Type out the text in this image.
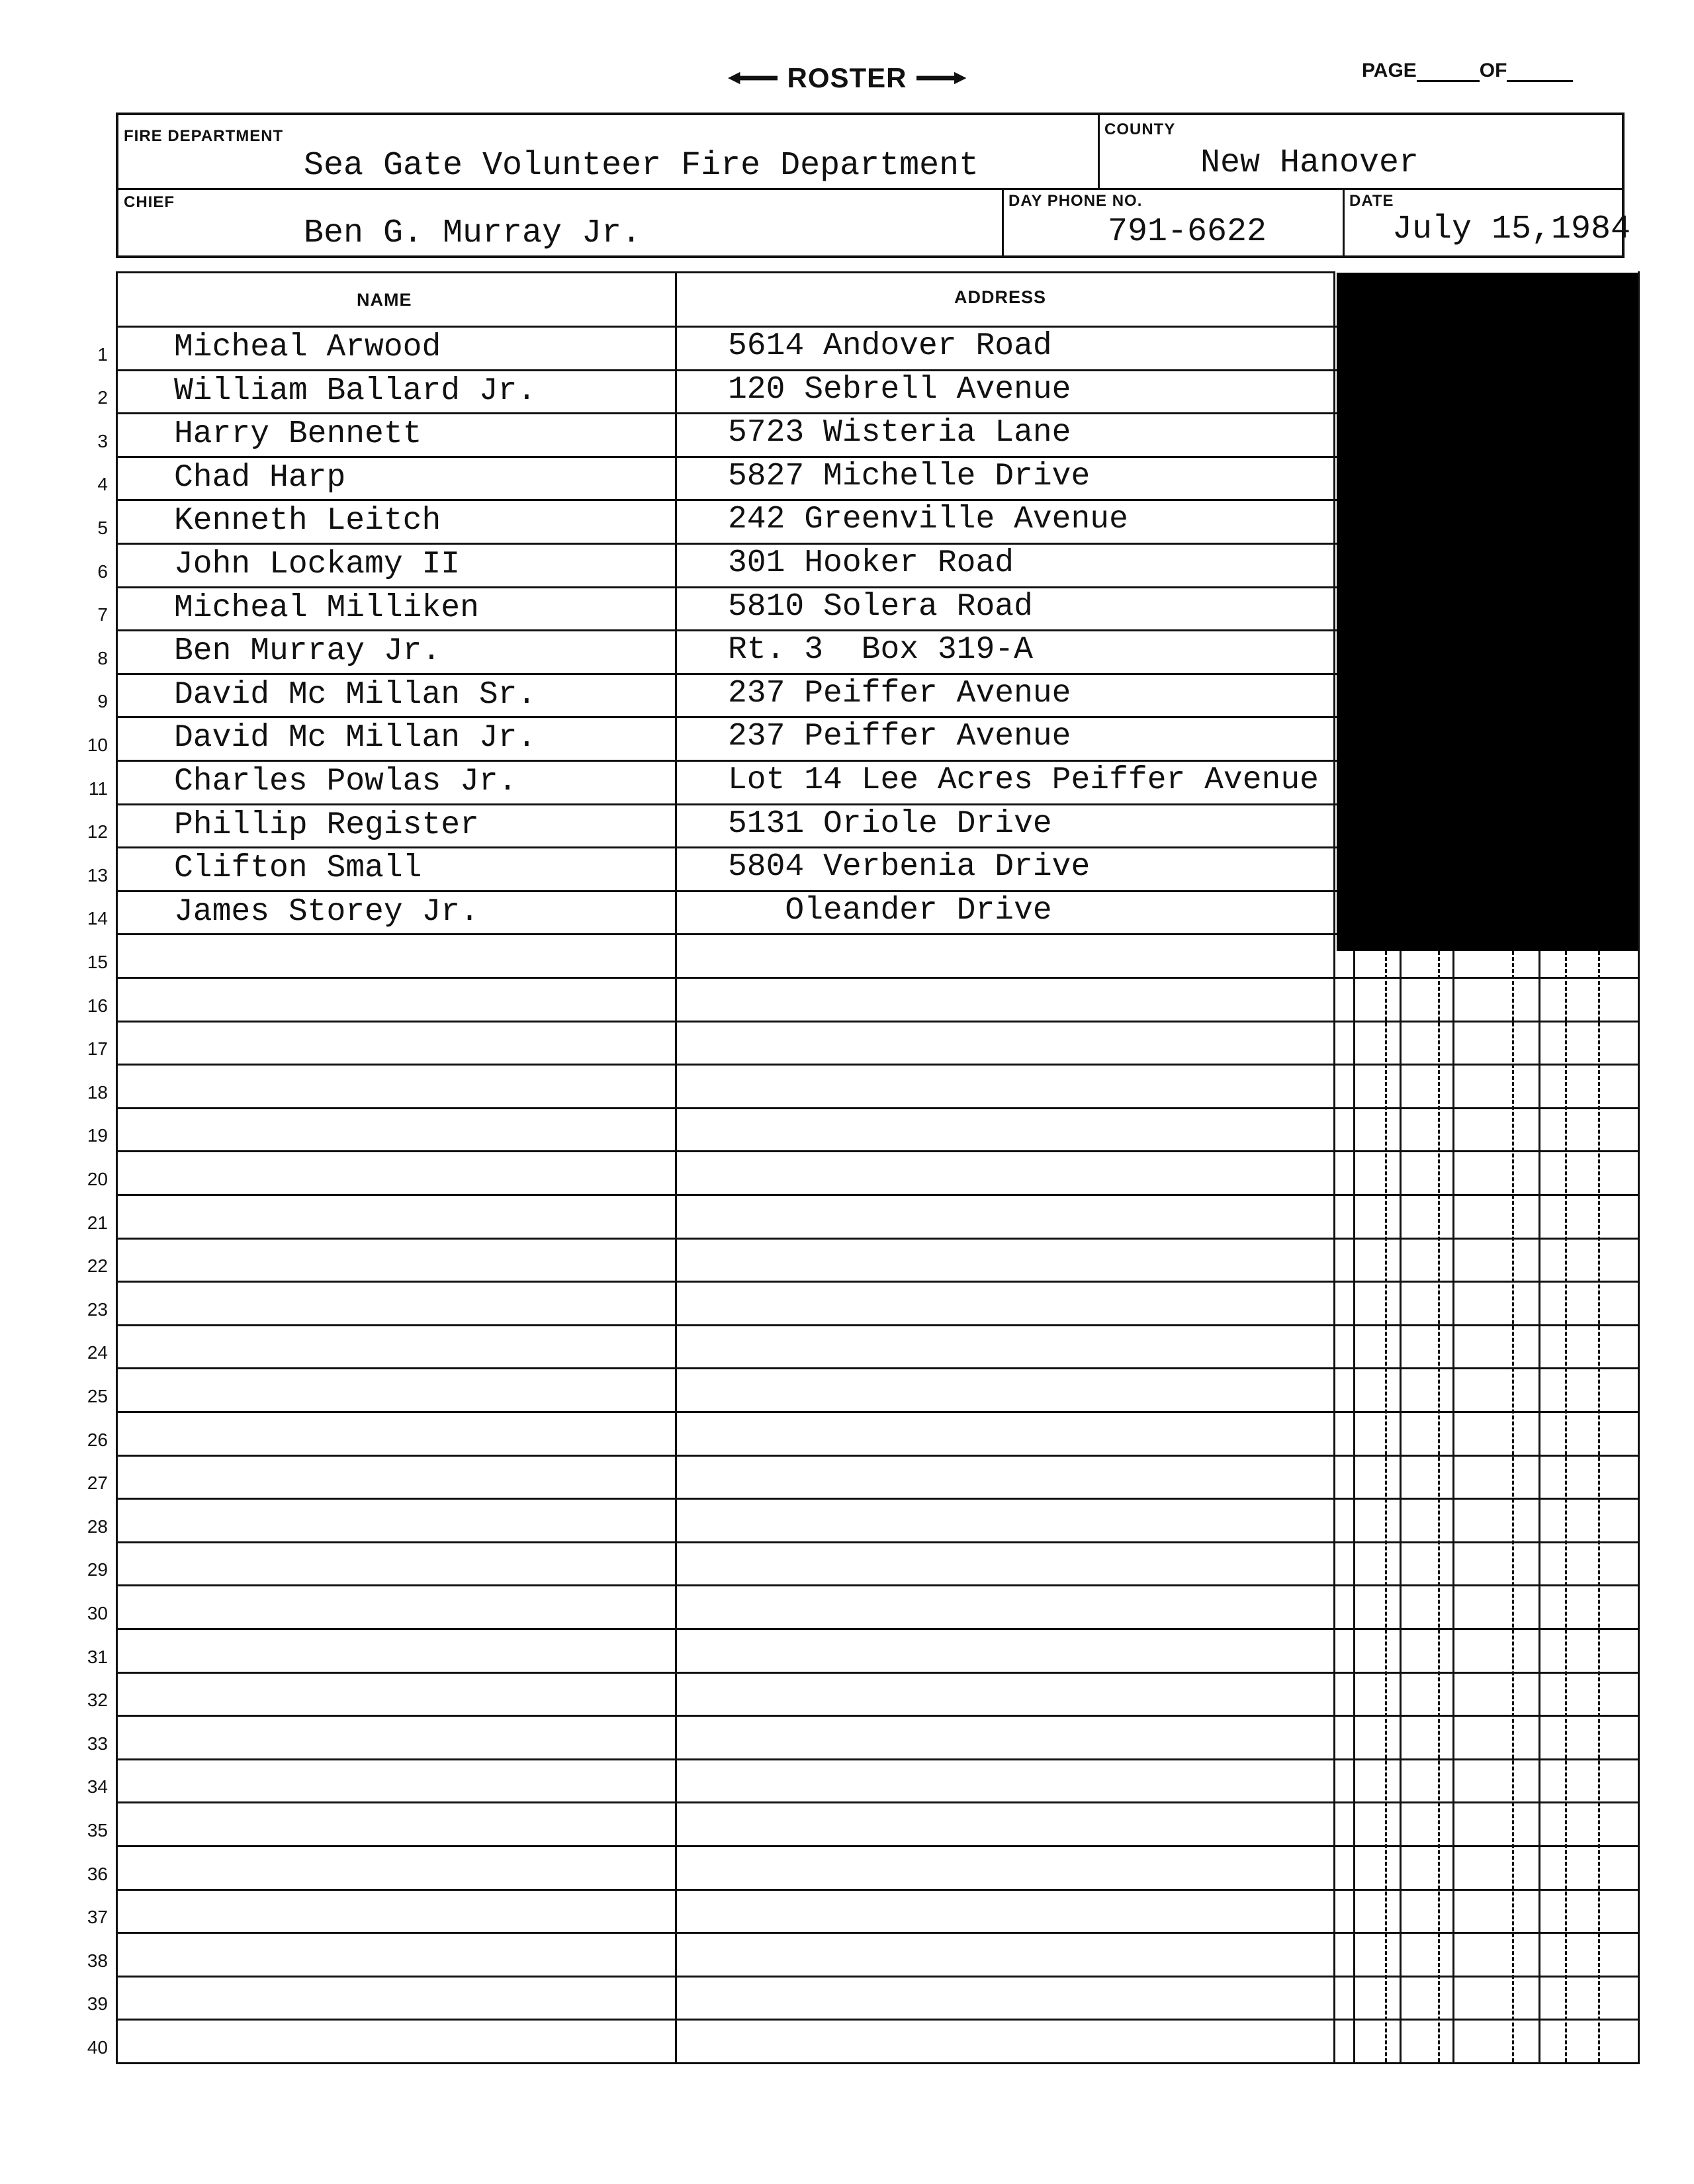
ROSTER	PAGE	OF
FIRE DEPARTMENT
Sea Gate Volunteer Fire Department
COUNTY
New Hanover
CHIEF
Ben G. Murray Jr.
DAY PHONE NO.
791-6622
DATE
July 15,1984
NAME	ADDRESS
1 Micheal Arwood	5614 Andover Road
2 William Ballard Jr.	120 Sebrell Avenue
3 Harry Bennett	5723 Wisteria Lane
4 Chad Harp	5827 Michelle Drive
5 Kenneth Leitch	242 Greenville Avenue
6 John Lockamy II	301 Hooker Road
7 Micheal Milliken	5810 Solera Road
8 Ben Murray Jr.	Rt. 3  Box 319-A
9 David Mc Millan Sr.	237 Peiffer Avenue
10 David Mc Millan Jr.	237 Peiffer Avenue
11 Charles Powlas Jr.	Lot 14 Lee Acres Peiffer Avenue
12 Phillip Register	5131 Oriole Drive
13 Clifton Small	5804 Verbenia Drive
14 James Storey Jr.	Oleander Drive
15
16
17
18
19
20
21
22
23
24
25
26
27
28
29
30
31
32
33
34
35
36
37
38
39
40
